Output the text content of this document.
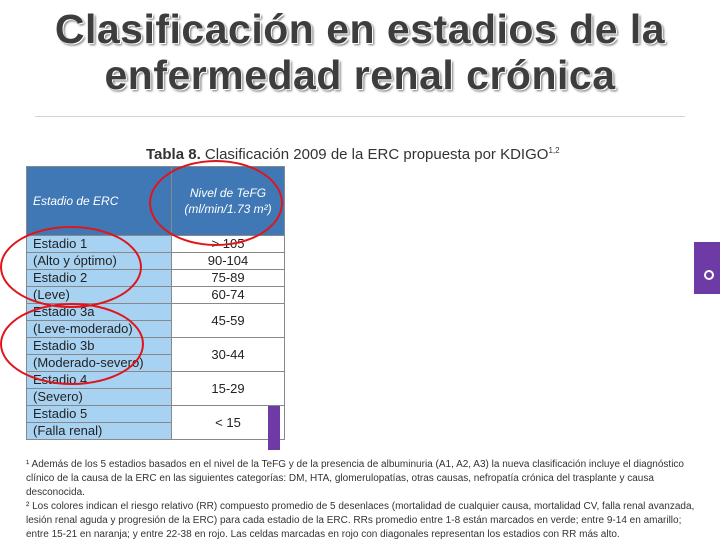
Clasificación en estadios de la
enfermedad renal crónica
Tabla 8. Clasificación 2009 de la ERC propuesta por KDIGO$^{1,2}$
Estadio de ERC	Nivel de TeFG
(ml/min/1.73 m²)

Estadio 1	> 105
(Alto y óptimo)	90-104
Estadio 2	75-89
(Leve)	60-74
Estadio 3a	45-59
(Leve-moderado)	
Estadio 3b	30-44
(Moderado-severo)	
Estadio 4	15-29
(Severo)	
Estadio 5	< 15
(Falla renal)	
¹ Además de los 5 estadios basados en el nivel de la TeFG y de la presencia de albuminuria (A1, A2, A3) la nueva clasificación incluye el diagnóstico clínico de la causa de la ERC en las siguientes categorías: DM, HTA, glomerulopatías, otras causas, nefropatía crónica del trasplante y causa desconocida.
² Los colores indican el riesgo relativo (RR) compuesto promedio de 5 desenlaces (mortalidad de cualquier causa, mortalidad CV, falla renal avanzada, lesión renal aguda y progresión de la ERC) para cada estadio de la ERC. RRs promedio entre 1-8 están marcados en verde; entre 9-14 en amarillo; entre 15-21 en naranja; y entre 22-38 en rojo. Las celdas marcadas en rojo con diagonales representan los estadios con RR más alto.
